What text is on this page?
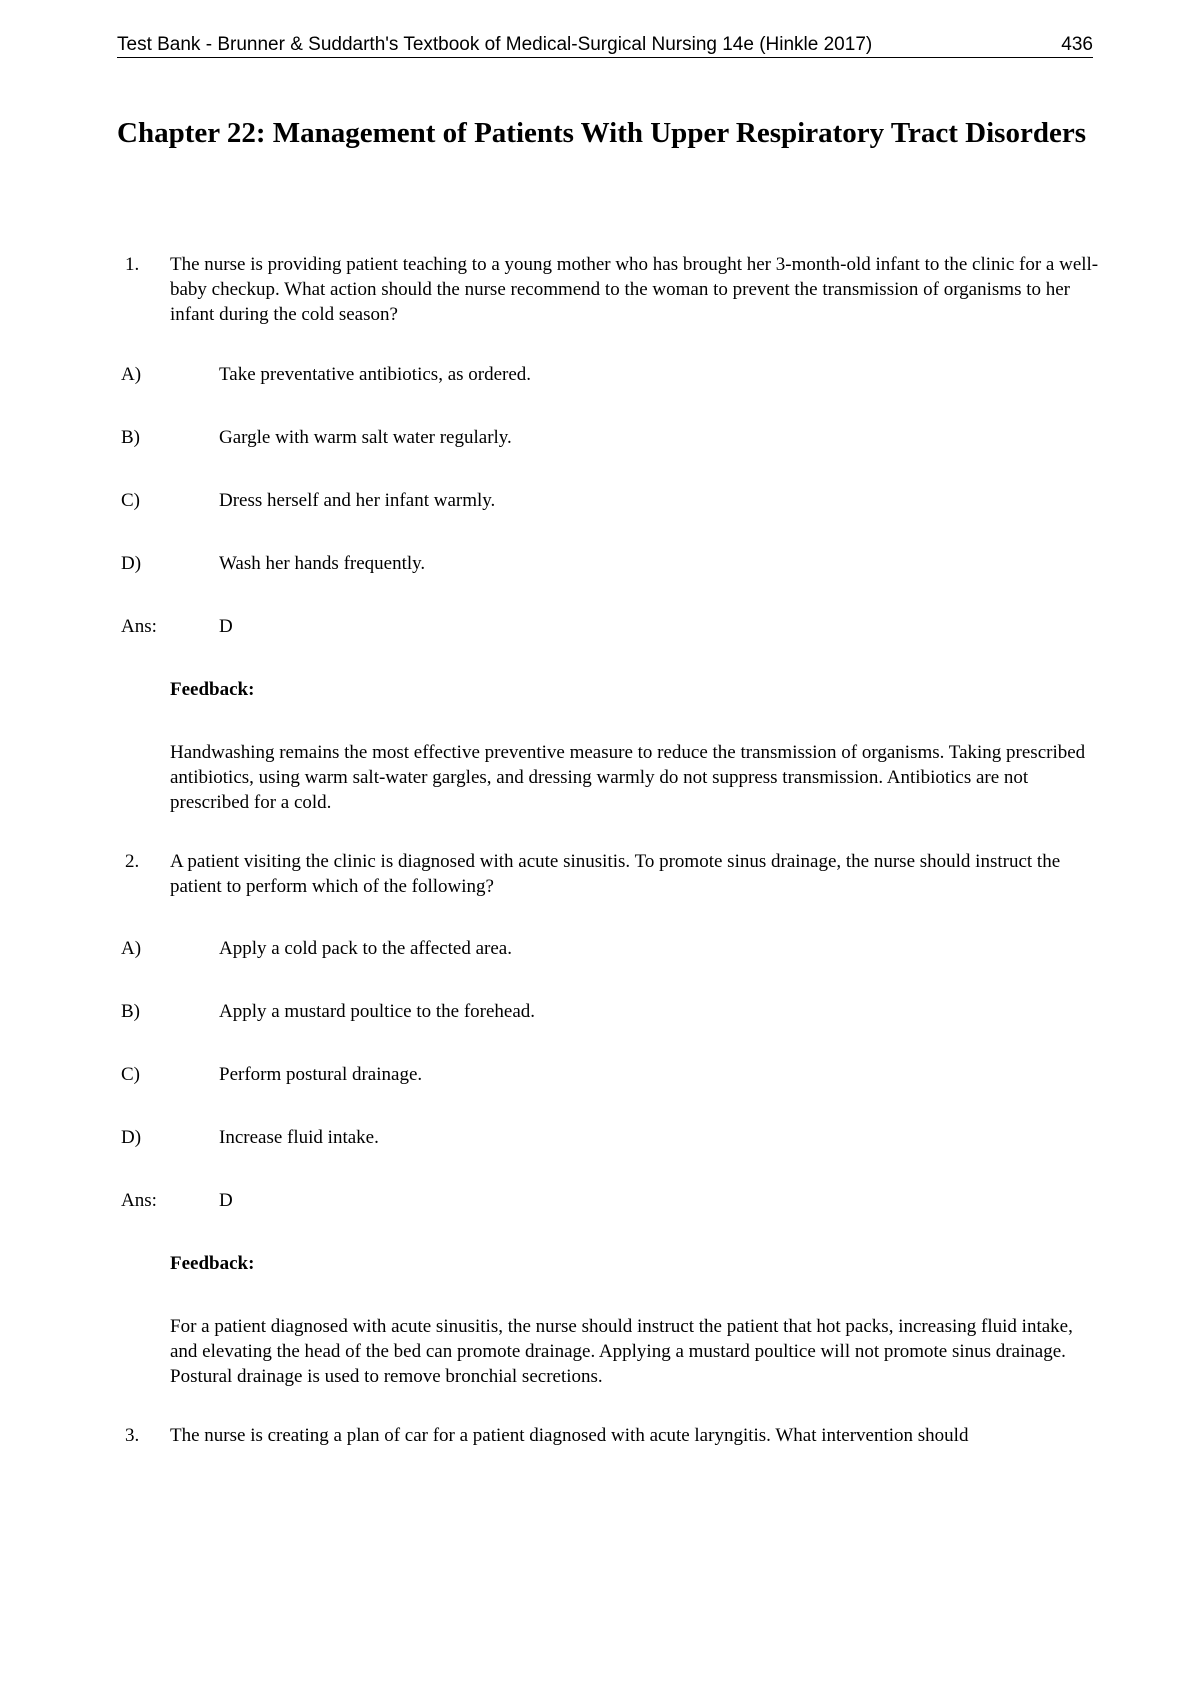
Test Bank - Brunner & Suddarth's Textbook of Medical-Surgical Nursing 14e (Hinkle 2017)	436
Chapter 22: Management of Patients With Upper Respiratory Tract Disorders
1. The nurse is providing patient teaching to a young mother who has brought her 3-month-old infant to the clinic for a well-baby checkup. What action should the nurse recommend to the woman to prevent the transmission of organisms to her infant during the cold season?
A)	Take preventative antibiotics, as ordered.
B)	Gargle with warm salt water regularly.
C)	Dress herself and her infant warmly.
D)	Wash her hands frequently.
Ans:	D
Feedback:
Handwashing remains the most effective preventive measure to reduce the transmission of organisms. Taking prescribed antibiotics, using warm salt-water gargles, and dressing warmly do not suppress transmission. Antibiotics are not prescribed for a cold.
2. A patient visiting the clinic is diagnosed with acute sinusitis. To promote sinus drainage, the nurse should instruct the patient to perform which of the following?
A)	Apply a cold pack to the affected area.
B)	Apply a mustard poultice to the forehead.
C)	Perform postural drainage.
D)	Increase fluid intake.
Ans:	D
Feedback:
For a patient diagnosed with acute sinusitis, the nurse should instruct the patient that hot packs, increasing fluid intake, and elevating the head of the bed can promote drainage. Applying a mustard poultice will not promote sinus drainage. Postural drainage is used to remove bronchial secretions.
3. The nurse is creating a plan of car for a patient diagnosed with acute laryngitis. What intervention should
